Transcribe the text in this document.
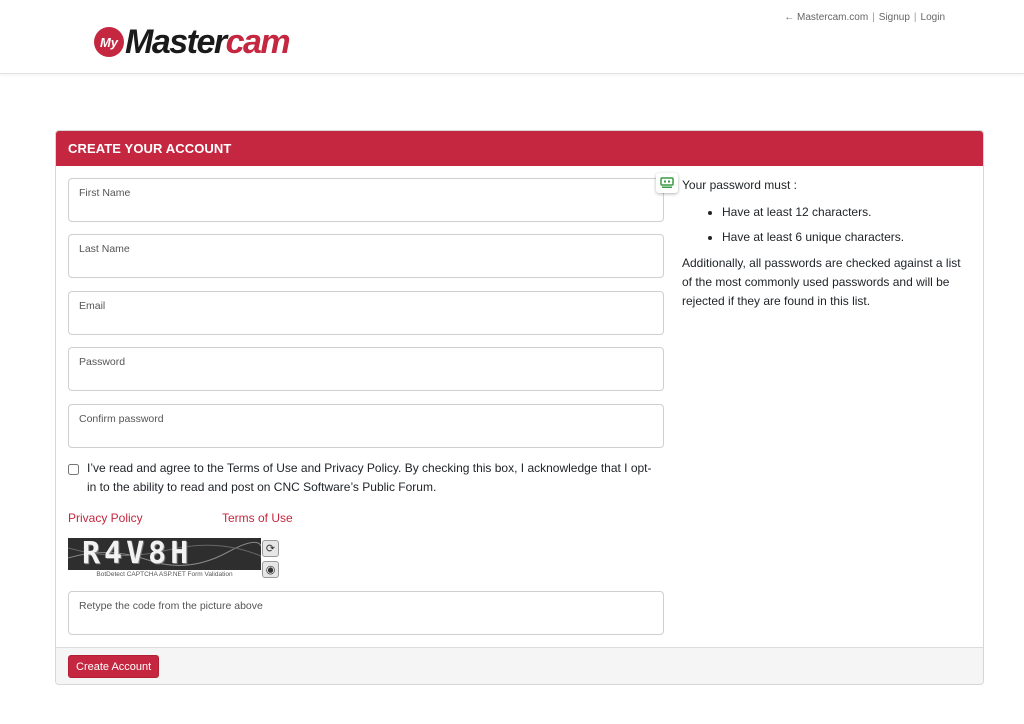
My Mastercam
← Mastercam.com | Signup | Login
CREATE YOUR ACCOUNT
First Name
Last Name
Email
Password
Confirm password
I’ve read and agree to the Terms of Use and Privacy Policy. By checking this box, I acknowledge that I opt-in to the ability to read and post on CNC Software’s Public Forum.
Privacy Policy	Terms of Use
R4V8H
BotDetect CAPTCHA ASP.NET Form Validation
⟳
◉
Retype the code from the picture above
Your password must :
• Have at least 12 characters.
• Have at least 6 unique characters.

Additionally, all passwords are checked against a list of the most commonly used passwords and will be rejected if they are found in this list.

Create Account
